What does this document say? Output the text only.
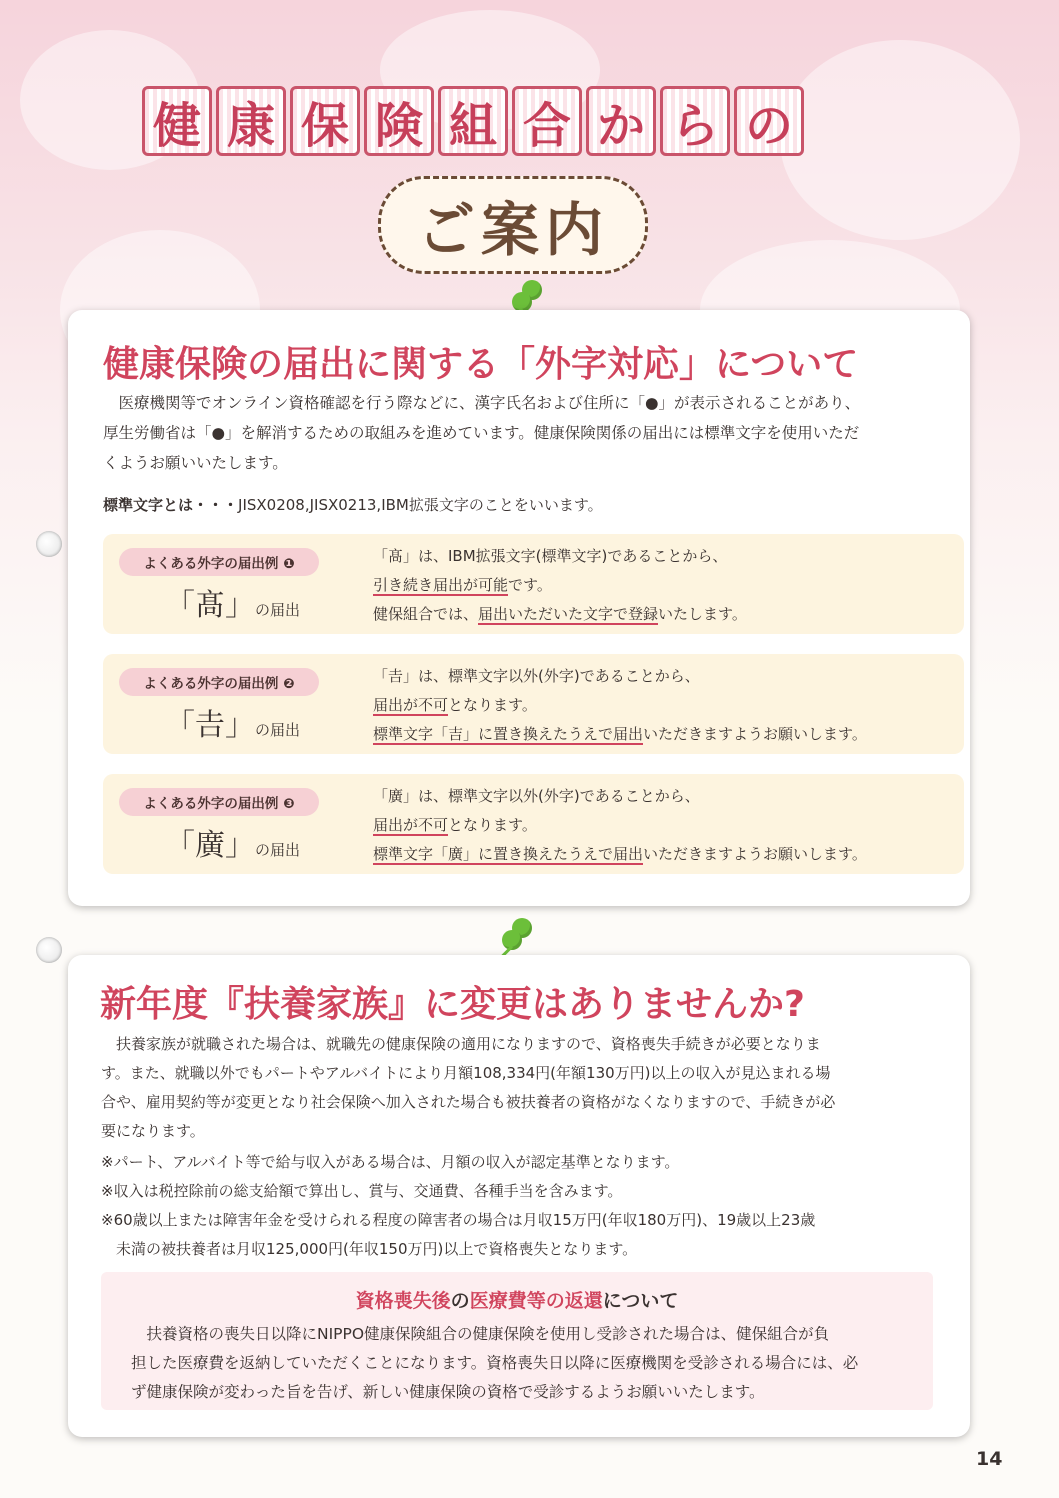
健 康 保 険 組 合 か ら の
ご案内
健康保険の届出に関する「外字対応」について
医療機関等でオンライン資格確認を行う際などに、漢字氏名および住所に「●」が表示されることがあり、
厚生労働省は「●」を解消するための取組みを進めています。健康保険関係の届出には標準文字を使用いただ
くようお願いいたします。
標準文字とは・・・JISX0208,JISX0213,IBM拡張文字のことをいいます。
よくある外字の届出例 ❶
「髙」の届出
「髙」は、IBM拡張文字(標準文字)であることから、
引き続き届出が可能です。
健保組合では、届出いただいた文字で登録いたします。
よくある外字の届出例 ❷
「𠮷」の届出
「𠮷」は、標準文字以外(外字)であることから、
届出が不可となります。
標準文字「吉」に置き換えたうえで届出いただきますようお願いします。
よくある外字の届出例 ❸
「廣」の届出
「廣」は、標準文字以外(外字)であることから、
届出が不可となります。
標準文字「廣」に置き換えたうえで届出いただきますようお願いします。
新年度『扶養家族』に変更はありませんか?
扶養家族が就職された場合は、就職先の健康保険の適用になりますので、資格喪失手続きが必要となりま
す。また、就職以外でもパートやアルバイトにより月額108,334円(年額130万円)以上の収入が見込まれる場
合や、雇用契約等が変更となり社会保険へ加入された場合も被扶養者の資格がなくなりますので、手続きが必
要になります。
※パート、アルバイト等で給与収入がある場合は、月額の収入が認定基準となります。
※収入は税控除前の総支給額で算出し、賞与、交通費、各種手当を含みます。
※60歳以上または障害年金を受けられる程度の障害者の場合は月収15万円(年収180万円)、19歳以上23歳
未満の被扶養者は月収125,000円(年収150万円)以上で資格喪失となります。
資格喪失後の医療費等の返還について
扶養資格の喪失日以降にNIPPO健康保険組合の健康保険を使用し受診された場合は、健保組合が負
担した医療費を返納していただくことになります。資格喪失日以降に医療機関を受診される場合には、必
ず健康保険が変わった旨を告げ、新しい健康保険の資格で受診するようお願いいたします。
14
